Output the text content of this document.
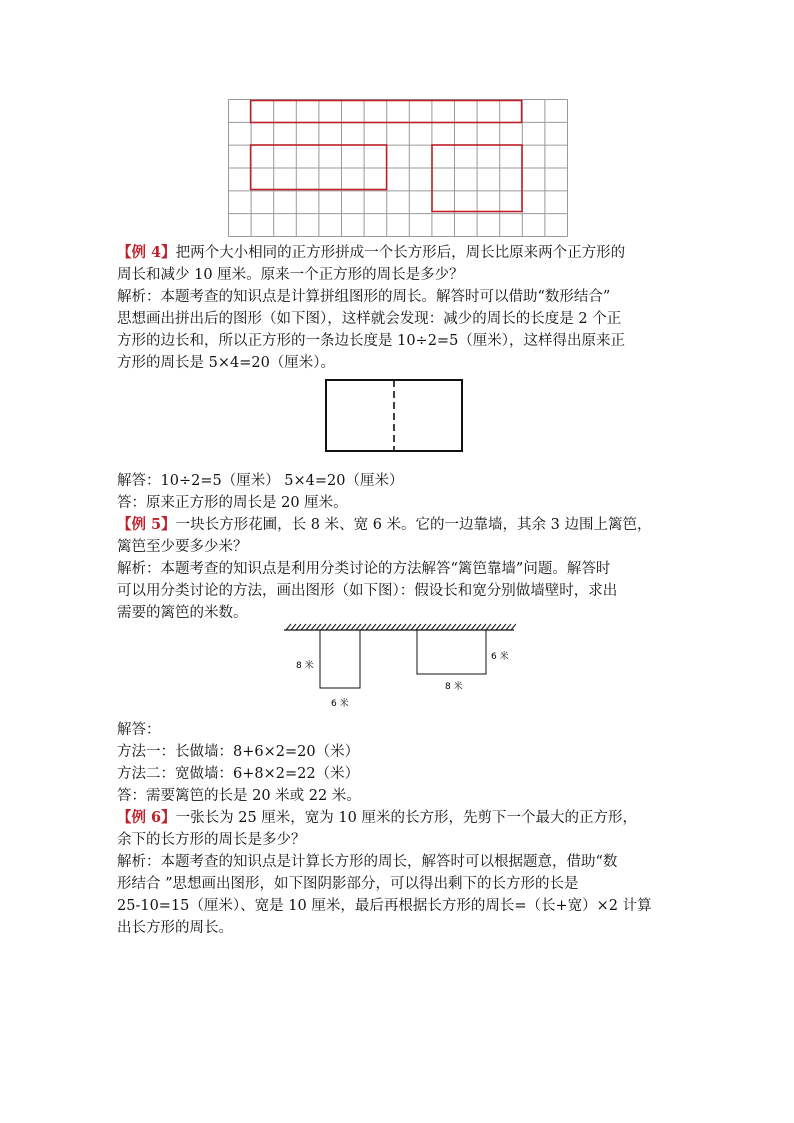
【例 4】把两个大小相同的正方形拼成一个长方形后，周长比原来两个正方形的
周长和减少 10 厘米。原来一个正方形的周长是多少？
解析：本题考查的知识点是计算拼组图形的周长。解答时可以借助“数形结合”
思想画出拼出后的图形（如下图），这样就会发现：减少的周长的长度是 2 个正
方形的边长和，所以正方形的一条边长度是 10÷2=5（厘米），这样得出原来正
方形的周长是 5×4=20（厘米）。
解答：10÷2=5（厘米） 5×4=20（厘米）
答：原来正方形的周长是 20 厘米。
【例 5】一块长方形花圃，长 8 米、宽 6 米。它的一边靠墙，其余 3 边围上篱笆，
篱笆至少要多少米？
解析：本题考查的知识点是利用分类讨论的方法解答“篱笆靠墙”问题。解答时
可以用分类讨论的方法，画出图形（如下图）：假设长和宽分别做墙壁时，求出
需要的篱笆的米数。
8 米
6 米
6 米
8 米
解答：
方法一：长做墙：8+6×2=20（米）
方法二：宽做墙：6+8×2=22（米）
答：需要篱笆的长是 20 米或 22 米。
【例 6】一张长为 25 厘米，宽为 10 厘米的长方形，先剪下一个最大的正方形，
余下的长方形的周长是多少？
解析：本题考查的知识点是计算长方形的周长，解答时可以根据题意，借助“数
形结合 ”思想画出图形，如下图阴影部分，可以得出剩下的长方形的长是
25-10=15（厘米）、宽是 10 厘米，最后再根据长方形的周长=（长+宽）×2 计算
出长方形的周长。
